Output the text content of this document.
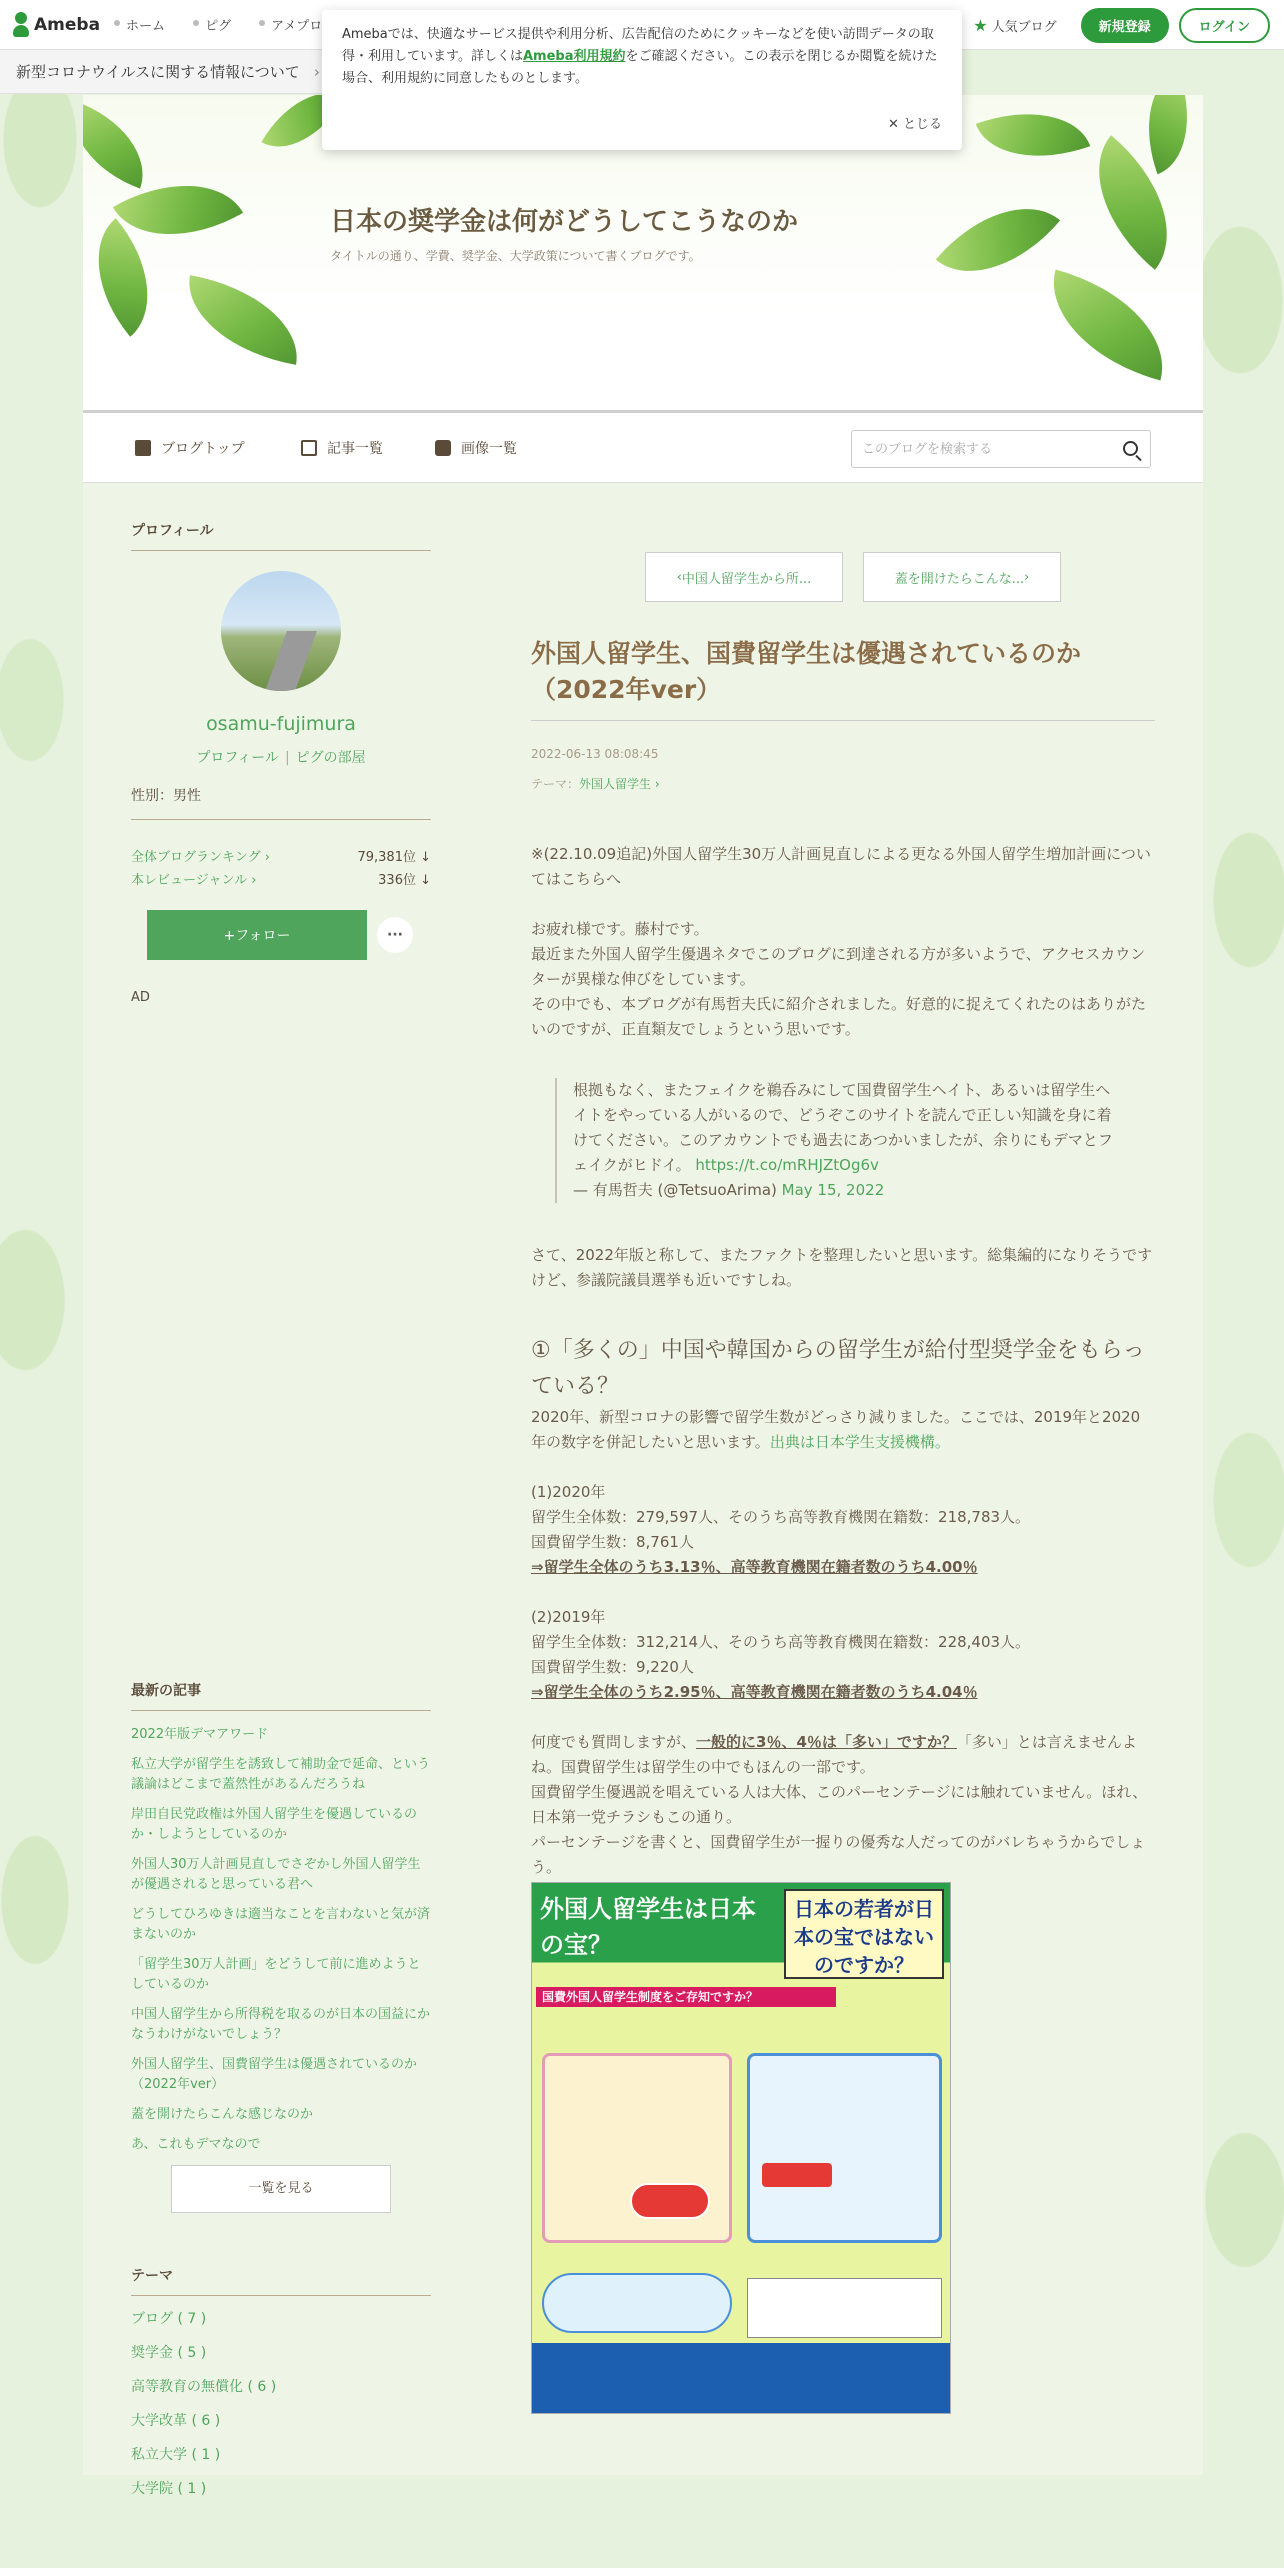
Ameba	ホーム	ピグ	アメプロ	★ 人気ブログ	新規登録	ログイン
新型コロナウイルスに関する情報について ›
Amebaでは、快適なサービス提供や利用分析、広告配信のためにクッキーなどを使い訪問データの取得・利用しています。詳しくはAmeba利用規約をご確認ください。この表示を閉じるか閲覧を続けた場合、利用規約に同意したものとします。
✕ とじる
日本の奨学金は何がどうしてこうなのか
タイトルの通り、学費、奨学金、大学政策について書くブログです。
ブログトップ	記事一覧	画像一覧
このブログを検索する
プロフィール
osamu-fujimura
プロフィール | ピグの部屋
性別：男性
全体ブログランキング ›	79,381位 ↓
本レビュージャンル ›	336位 ↓
+フォロー	···
AD
最新の記事
2022年版デマアワード
私立大学が留学生を誘致して補助金で延命、という議論はどこまで蓋然性があるんだろうね
岸田自民党政権は外国人留学生を優遇しているのか・しようとしているのか
外国人30万人計画見直しでさぞかし外国人留学生が優遇されると思っている君へ
どうしてひろゆきは適当なことを言わないと気が済まないのか
「留学生30万人計画」をどうして前に進めようとしているのか
中国人留学生から所得税を取るのが日本の国益にかなうわけがないでしょう？
外国人留学生、国費留学生は優遇されているのか（2022年ver）
蓋を開けたらこんな感じなのか
あ、これもデマなので
一覧を見る
テーマ
ブログ ( 7 )
奨学金 ( 5 )
高等教育の無償化 ( 6 )
大学改革 ( 6 )
私立大学 ( 1 )
大学院 ( 1 )
‹ 中国人留学生から所...	蓋を開けたらこんな... ›
外国人留学生、国費留学生は優遇されているのか（2022年ver）
2022-06-13 08:08:45
テーマ：外国人留学生 ›

※(22.10.09追記)外国人留学生30万人計画見直しによる更なる外国人留学生増加計画についてはこちらへ

お疲れ様です。藤村です。

最近また外国人留学生優遇ネタでこのブログに到達される方が多いようで、アクセスカウンターが異様な伸びをしています。

その中でも、本ブログが有馬哲夫氏に紹介されました。好意的に捉えてくれたのはありがたいのですが、正直類友でしょうという思いです。

根拠もなく、またフェイクを鵜呑みにして国費留学生ヘイト、あるいは留学生ヘイトをやっている人がいるので、どうぞこのサイトを読んで正しい知識を身に着けてください。このアカウントでも過去にあつかいましたが、余りにもデマとフェイクがヒドイ。 https://t.co/mRHJZtOg6v
— 有馬哲夫 (@TetsuoArima) May 15, 2022

さて、2022年版と称して、またファクトを整理したいと思います。総集編的になりそうですけど、参議院議員選挙も近いですしね。

①「多くの」中国や韓国からの留学生が給付型奨学金をもらっている？

2020年、新型コロナの影響で留学生数がどっさり減りました。ここでは、2019年と2020年の数字を併記したいと思います。出典は日本学生支援機構。

(1)2020年

留学生全体数：279,597人、そのうち高等教育機関在籍数：218,783人。

国費留学生数：8,761人

⇒留学生全体のうち3.13％、高等教育機関在籍者数のうち4.00％

(2)2019年

留学生全体数：312,214人、そのうち高等教育機関在籍数：228,403人。

国費留学生数：9,220人

⇒留学生全体のうち2.95％、高等教育機関在籍者数のうち4.04％

何度でも質問しますが、一般的に3％、4％は「多い」ですか？「多い」とは言えませんよね。国費留学生は留学生の中でもほんの一部です。

国費留学生優遇説を唱えている人は大体、このパーセンテージには触れていません。ほれ、日本第一党チラシもこの通り。

パーセンテージを書くと、国費留学生が一握りの優秀な人だってのがバレちゃうからでしょう。

外国人留学生は日本の宝？
日本の若者が日本の宝ではないのですか？
国費外国人留学生制度をご存知ですか？
